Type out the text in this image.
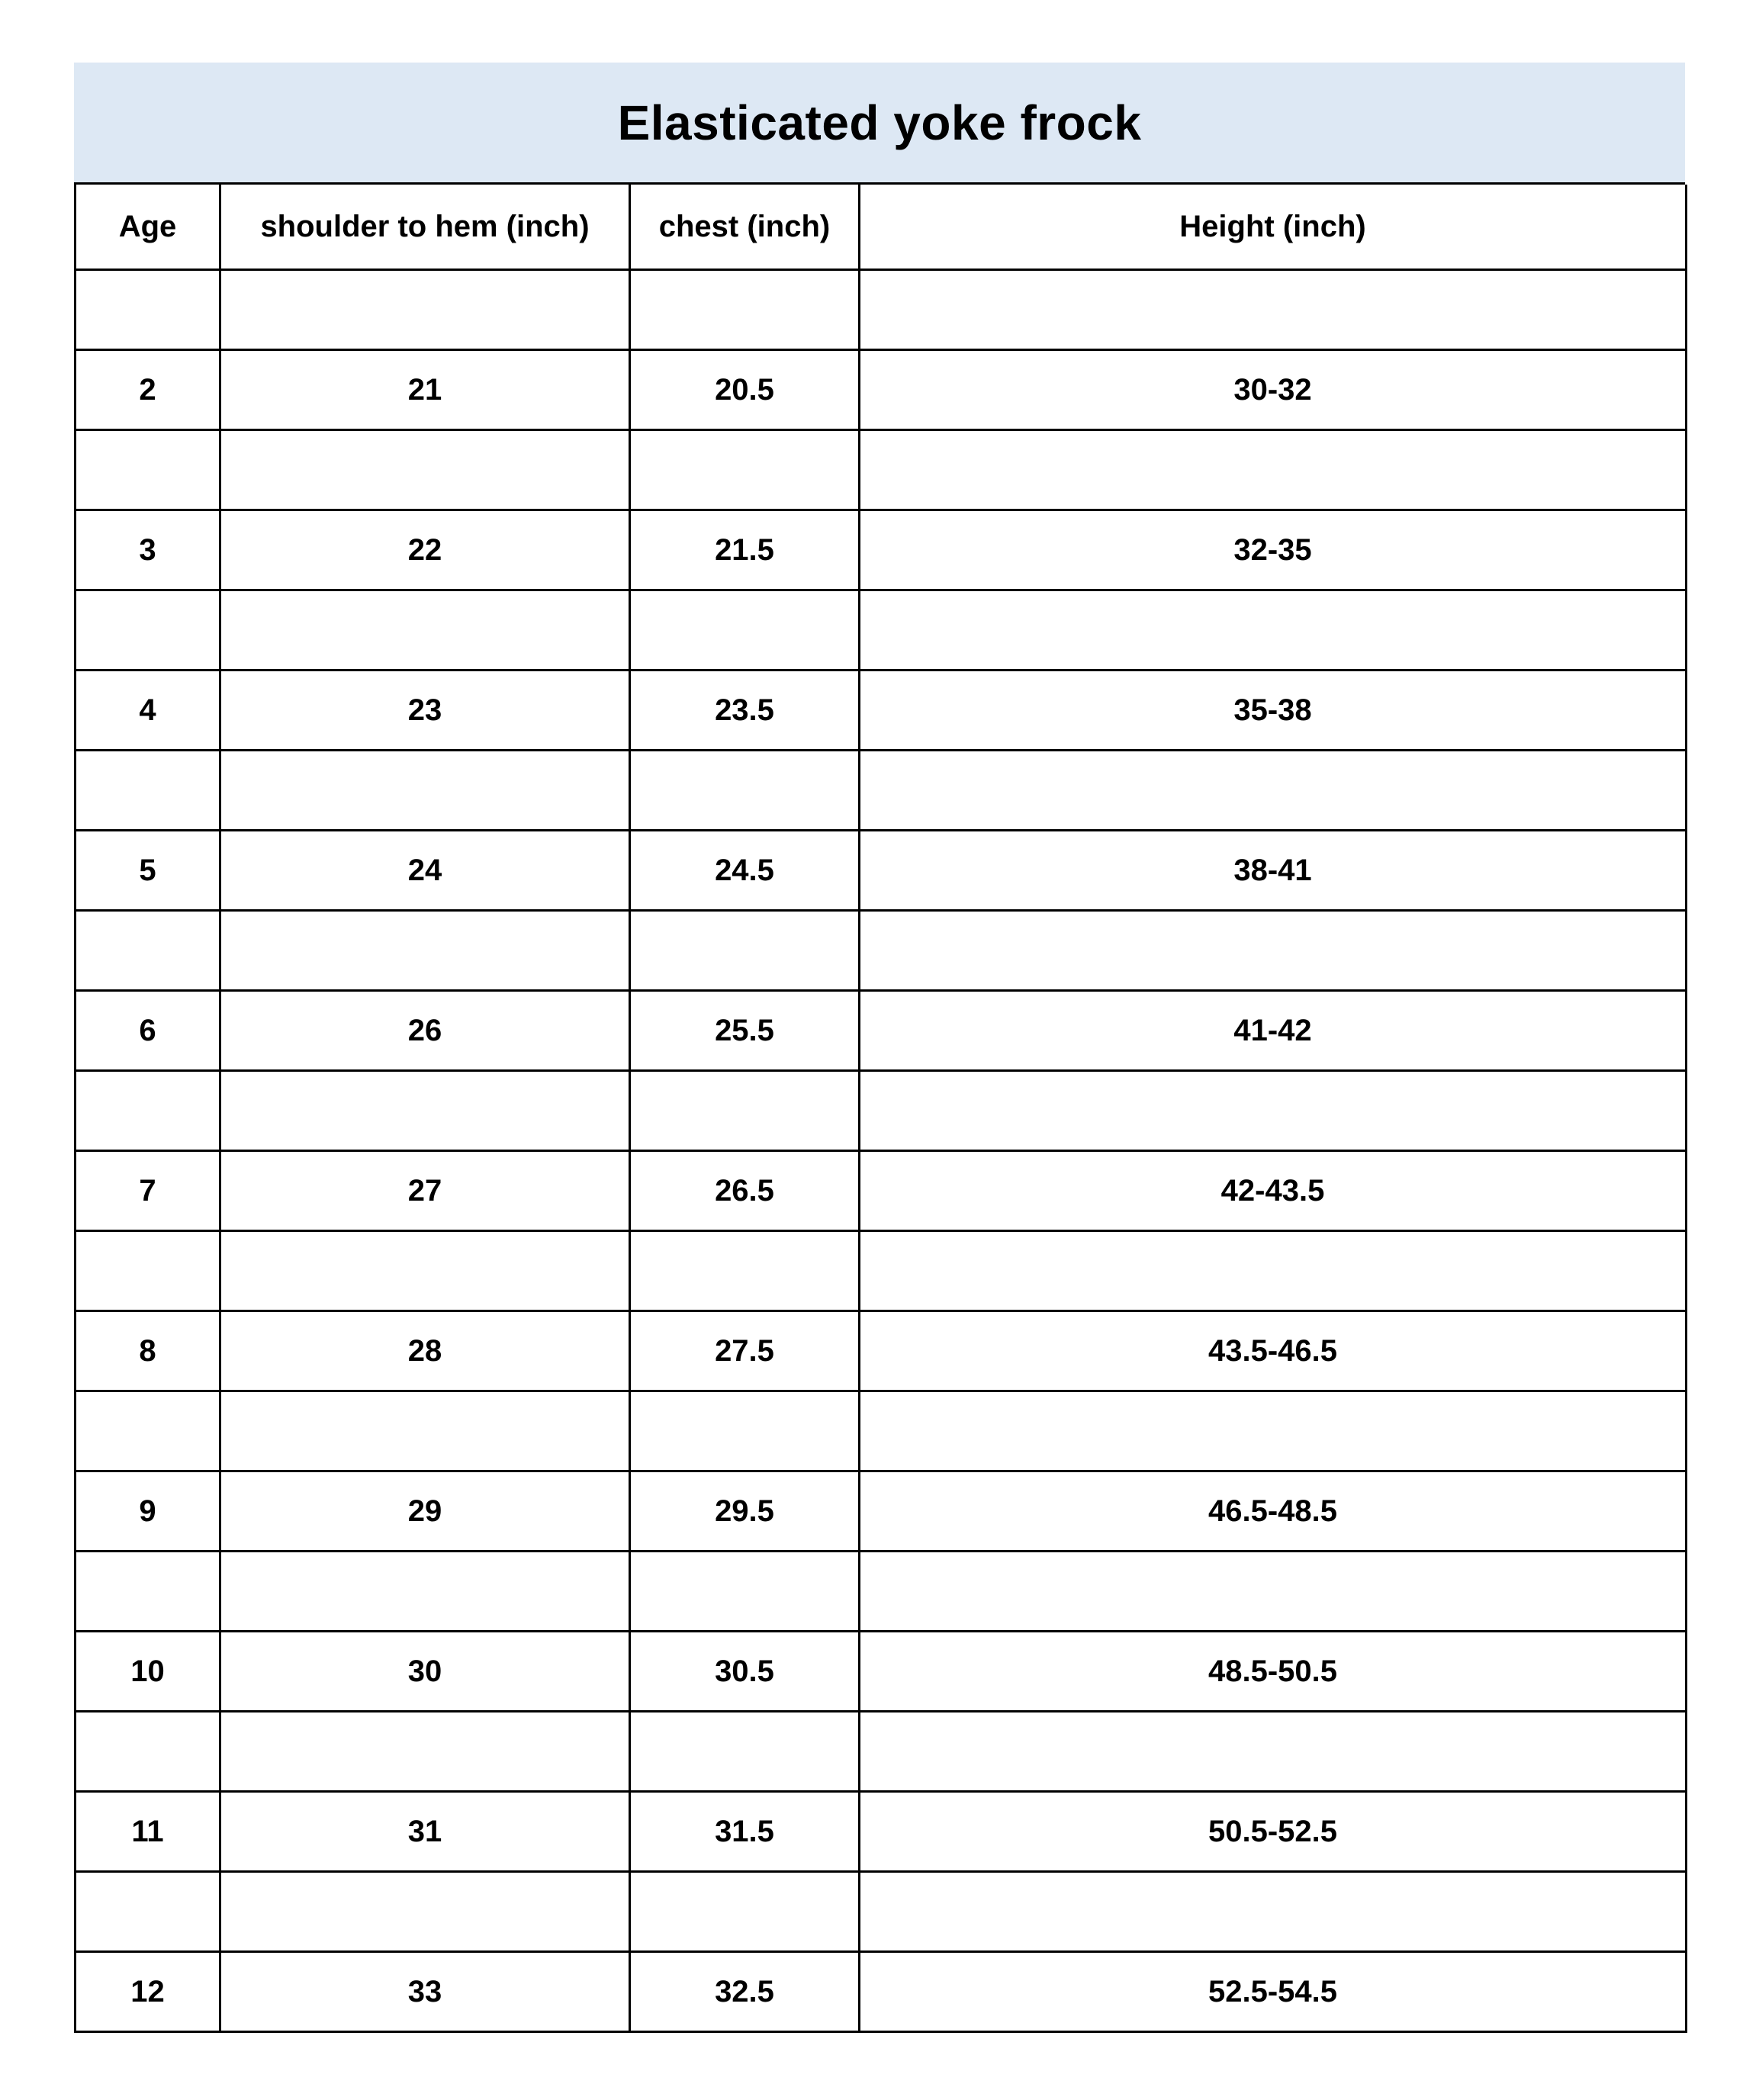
Elasticated yoke frock
Age	shoulder to hem (inch)	chest (inch)	Height (inch)

2	21	20.5	30-32

3	22	21.5	32-35

4	23	23.5	35-38

5	24	24.5	38-41

6	26	25.5	41-42

7	27	26.5	42-43.5

8	28	27.5	43.5-46.5

9	29	29.5	46.5-48.5

10	30	30.5	48.5-50.5

11	31	31.5	50.5-52.5

12	33	32.5	52.5-54.5
